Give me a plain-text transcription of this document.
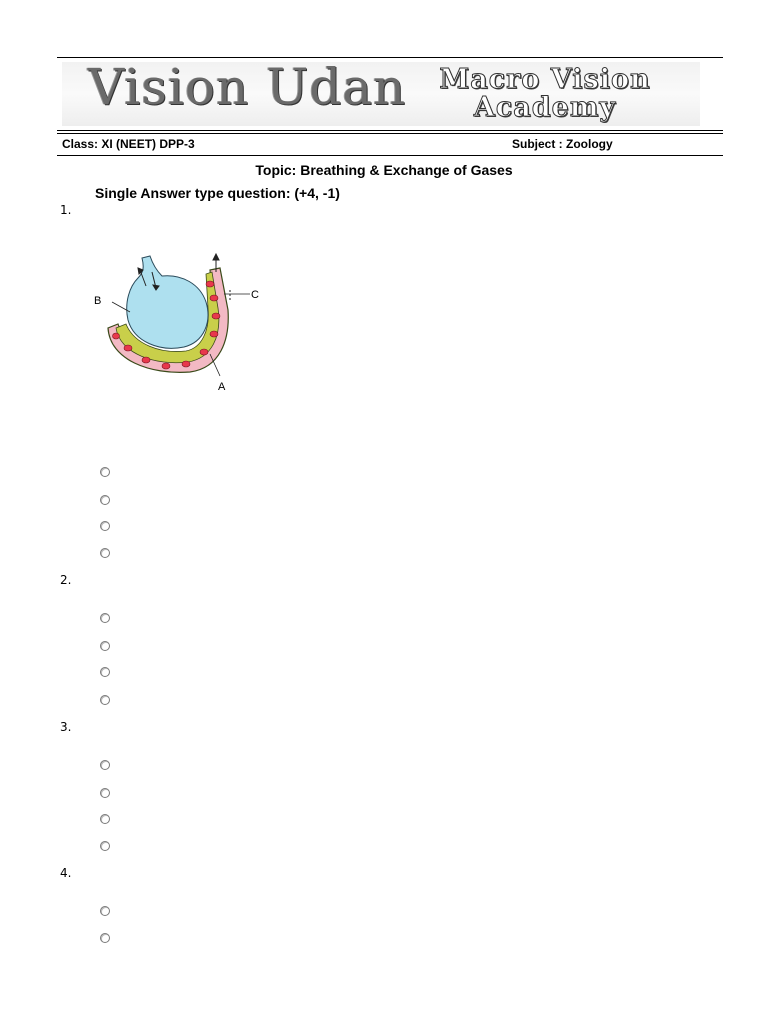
Vision Udan	Macro Vision
Academy
Class: XI (NEET) DPP-3	Subject : Zoology
Topic: Breathing & Exchange of Gases
Single Answer type question: (+4, -1)
1.
B	C
A
2.
3.
4.
